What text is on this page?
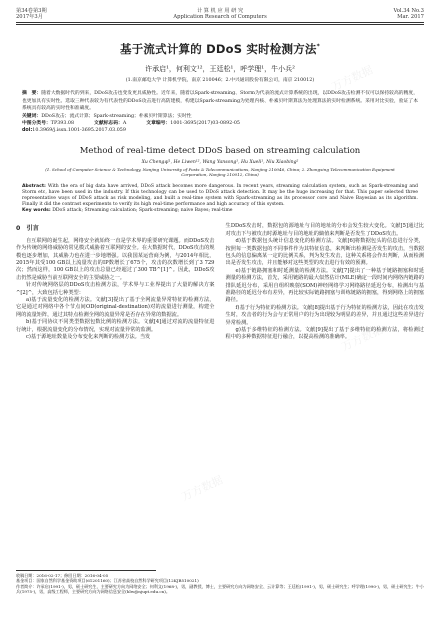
第34卷第3期
2017年3月
计 算 机 应 用 研 究
Application Research of Computers
Vol.34 No.3
Mar. 2017
基于流式计算的 DDoS 实时检测方法*
许承启¹，何利文¹²，王廷松¹，呼学理¹，牛小兵²
(1.南京邮电大学 计算机学院，南京 210046；2.中兴通讯股份有限公司，南京 210012)
摘　要：随着大数据时代的到来，DDoS攻击也变发更具威胁性。近年来，随着以Spark-streaming、Storm为代表的流式计算系统的出现，以DDoS攻击检测不仅可以保持较高的精度，也更加具有实时性。选取三种代表较为有代表性的DDoS攻击进行高防建模，构建以Spark-streaming为处理内核、朴素贝叶斯算法为处理算法的实时检测系统。采用对比实验，验证了本系统具有较高的实时性和准确度。
关键词：DDoS攻击；流式计算；Spark-streaming；朴素贝叶斯算法；实时性
中图分类号：TP393.08	文献标志码：A	文章编号：1001-3695(2017)03-0892-05
doi:10.3969/j.issn.1001-3695.2017.03.059
Method of real-time detect DDoS based on streaming calculation
Xu Chengqi¹, He Liwen¹², Wang Yansong¹, Hu Xueli¹, Niu Xiaobing²
(1. School of Computer Science & Technology, Nanjing University of Posts & Telecommunications, Nanjing 210046, China; 2. Zhongxing Telecommunication Equipment Corporation, Nanjing 210012, China)
Abstract: With the era of big data have arrived, DDoS attack becomes more dangerous. In recent years, streaming calculation system, such as Spark-streaming and Storm etc, have been used in the industry. If this technology can be used to DDoS attack detection. It may be the huge increasing for that. This paper selected three representative ways of DDoS attack as risk modeling, and built a real-time system with Spark-streaming as its processor core and Naive Bayesian as its algorithm. Finally it did the contrast experiments to verify its high real-time performance and high accuracy of this system.
Key words: DDoS attack; Streaming calculation; Spark-streaming; naive Bayes; real-time
0　引言

自互联网的诞生起，网络安全就始终一直是学术界的重要研究课题。而DDoS攻击作为传统的网络威胁的常见模式威胁着互联网的安全。在大数据时代，DDoS攻击的规模也逐步增加，其威胁力也在进一步地增强。以我国某运营商为例，与2014年相比，2015年其受100 GB以上流量攻击的IP数增长了675个，攻击的次数增长到了3 729次；然而这样，100 GB以上的攻击总量已经超过了300 TB^[1]^。因此，DDoS攻击仍然是威胁当前互联网安全的主要威胁之一。

针对传统网络层的DDoS攻击检测方法，学术界与工业界提出了大量的解决方案^[2]^，大致包括七种类型：

a)基于流量变化的检测方法。文献[3]提出了基于全网流量异常特征的检测方法，它是通过对网络中各个节点间OD(original-destination)对的流量进行测量，构建全网的流量矩阵，通过其特点检测全网的流量异常是否存在异常的数据流。

b)基于同协议不同类型数据包数比例的检测方法。文献[4]通过对流的流量特征进行统计，根据流量变化的分布情况，实现对流量异常的监测。

c)基于源地址数量及分布变化来判断的检测方法。当发

生DDoS攻击时，数据包的源地址与目的地址的分布会发生较大变化。文献[5]通过比对攻击下与被攻击时源地址与目的地址的熵值来判断是否发生了DDoS攻击。

d)基于数据包头统计信息变化的检测方法。文献[6]将数据包头的信息进行分类，按照每一类数据包的不同事件作为其特征信息，来判断出检测是否发生的攻击，当数据包头的信息偏离某一定的比例关系，判为发生攻击，这种关系将会作出判断，从而检测出是否发生攻击，并且能够对这些类型的攻击进行有效的预测。

e)基于链路拥塞和时延测量的检测方法。文献[7]提出了一种基于链路拥塞和时延测量的检测方法，首先，采用链路的最大似然估计(MLE)确定一段时间内网络内链路的排队延迟分布，采用自组织映射(SOM)神经网络学习网络路径延迟分布，检测出与基准路径的延迟分布有差异，再比较实际链路拥塞与训练链路的拥塞，得到网络上的拥塞路径。

f)基于行为特征的检测方法。文献[8]提出基于行为特征的检测方法，因此在攻击发生时，攻击者的行为会与正常用户的行为出现较为明显的差异，并且通过这些差异进行异常检测。

g)基于多维特征的检测方法。文献[9]提出了基于多维特征的检测方法，将检测过程中的多种数据特征进行融合，以提高检测的准确率。

收稿日期：2016-02-17；修回日期：2016-04-05
基金项目：国家自然科学基金资助项目(61201160)；江苏省高校自然科学研究项目(12KJB510021)
作者简介：许承启(1991-)，男，硕士研究生，主要研究方向为网络安全；何利文(1968-)，男，副教授，博士，主要研究方向为网络安全、云计算等；王廷松(1991-)，男，硕士研究生；呼学理(1990-)，男，硕士研究生；牛小兵(1975-)，男，高级工程师，主要研究方向为网络信息安全(hlw@njupt.edu.cn)。
万方数据
万方数据
万方数据
万方数据
